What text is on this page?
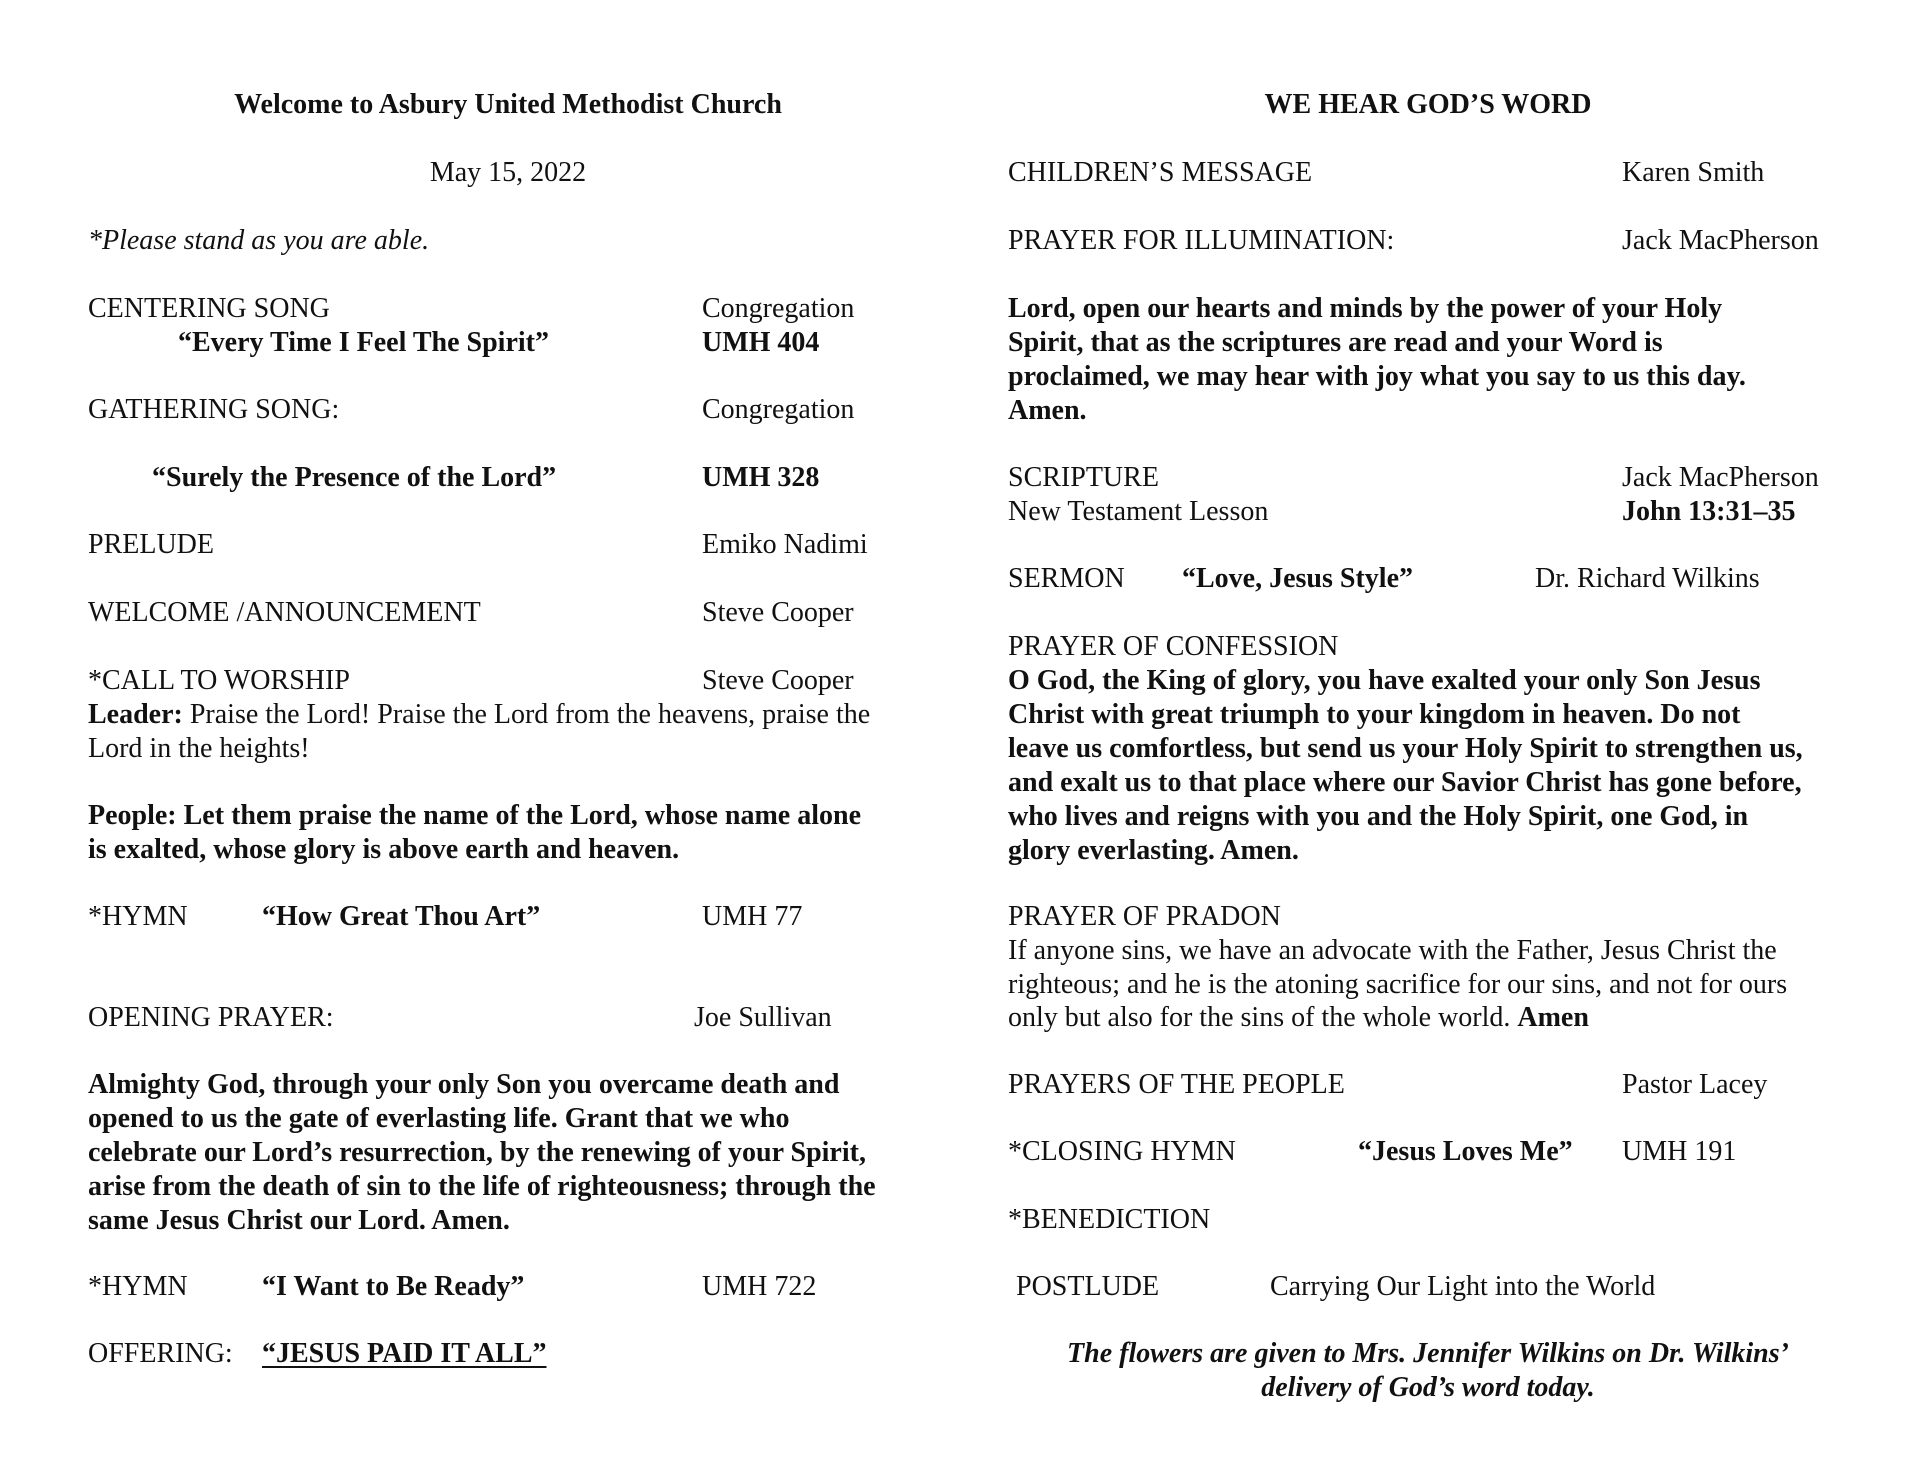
Welcome to Asbury United Methodist Church
May 15, 2022
*Please stand as you are able.
CENTERING SONG	Congregation
“Every Time I Feel The Spirit”	UMH 404
GATHERING SONG:	Congregation
“Surely the Presence of the Lord”	UMH 328
PRELUDE	Emiko Nadimi
WELCOME /ANNOUNCEMENT	Steve Cooper
*CALL TO WORSHIP	Steve Cooper
Leader: Praise the Lord! Praise the Lord from the heavens, praise the
Lord in the heights!
People: Let them praise the name of the Lord, whose name alone
is exalted, whose glory is above earth and heaven.
*HYMN	“How Great Thou Art”	UMH 77
OPENING PRAYER:	Joe Sullivan
Almighty God, through your only Son you overcame death and
opened to us the gate of everlasting life. Grant that we who
celebrate our Lord’s resurrection, by the renewing of your Spirit,
arise from the death of sin to the life of righteousness; through the
same Jesus Christ our Lord. Amen.
*HYMN	“I Want to Be Ready”	UMH 722
OFFERING: “JESUS PAID IT ALL”
WE HEAR GOD’S WORD
CHILDREN’S MESSAGE	Karen Smith
PRAYER FOR ILLUMINATION:	Jack MacPherson
Lord, open our hearts and minds by the power of your Holy
Spirit, that as the scriptures are read and your Word is
proclaimed, we may hear with joy what you say to us this day.
Amen.
SCRIPTURE	Jack MacPherson
New Testament Lesson	John 13:31–35
SERMON “Love, Jesus Style”	Dr. Richard Wilkins
PRAYER OF CONFESSION
O God, the King of glory, you have exalted your only Son Jesus
Christ with great triumph to your kingdom in heaven. Do not
leave us comfortless, but send us your Holy Spirit to strengthen us,
and exalt us to that place where our Savior Christ has gone before,
who lives and reigns with you and the Holy Spirit, one God, in
glory everlasting. Amen.
PRAYER OF PRADON
If anyone sins, we have an advocate with the Father, Jesus Christ the
righteous; and he is the atoning sacrifice for our sins, and not for ours
only but also for the sins of the whole world. Amen
PRAYERS OF THE PEOPLE	Pastor Lacey
*CLOSING HYMN	“Jesus Loves Me” UMH 191
*BENEDICTION
POSTLUDE	Carrying Our Light into the World
The flowers are given to Mrs. Jennifer Wilkins on Dr. Wilkins’
delivery of God’s word today.
